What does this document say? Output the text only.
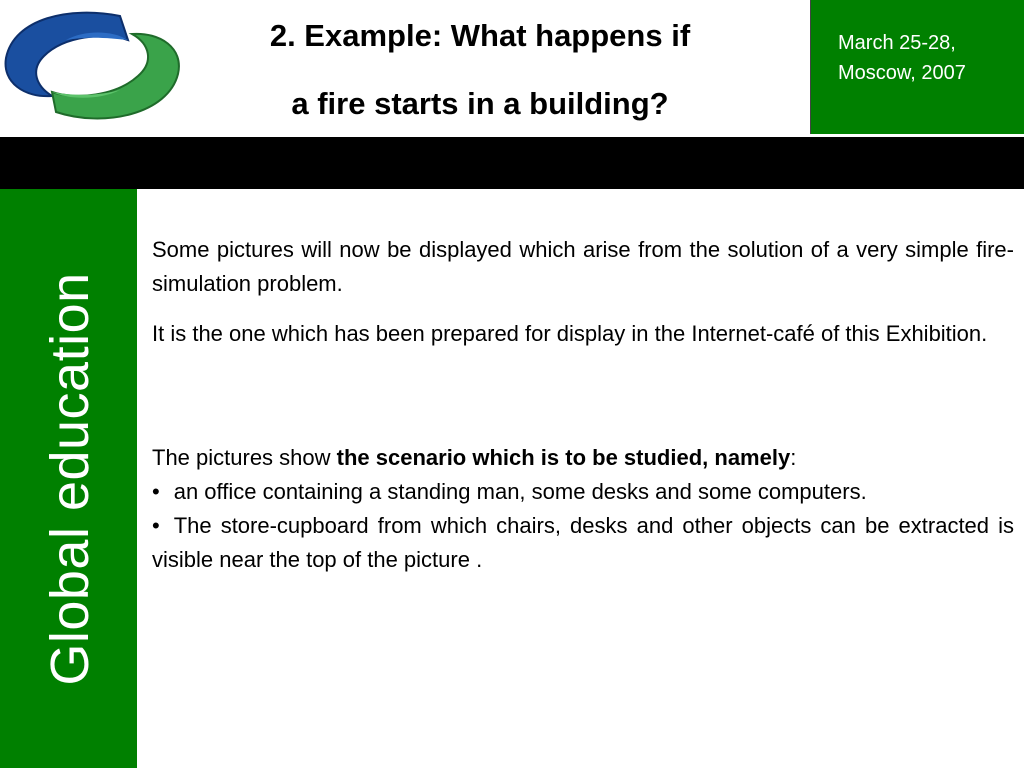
2. Example: What happens if
a fire starts in a building?
March 25-28,
Moscow, 2007
Global education

Some pictures will now be displayed which arise from the solution of a very simple fire-simulation problem.

It is the one which has been prepared for display in the Internet-café of this Exhibition.

The pictures show the scenario which is to be studied, namely:

• an office containing a standing man, some desks and some computers.

• The store-cupboard from which chairs, desks and other objects can be extracted is visible near the top of the picture .
